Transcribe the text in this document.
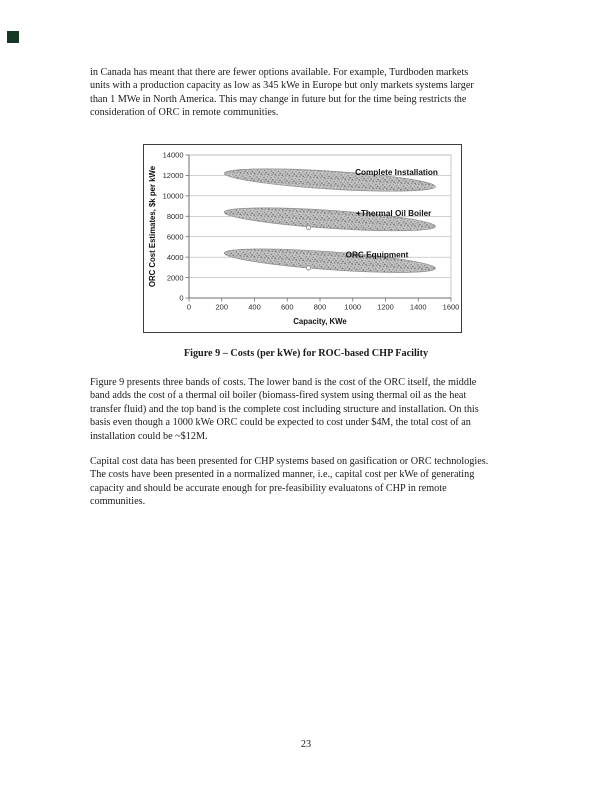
in Canada has meant that there are fewer options available. For example, Turdboden markets
units with a production capacity as low as 345 kWe in Europe but only markets systems larger
than 1 MWe in North America. This may change in future but for the time being restricts the
consideration of ORC in remote communities.
0
2000
4000
6000
8000
10000
12000
14000
0	200	400	600	800 1000 1200 1400 1600
Capacity, KWe
ORC Cost Estimates, $k per kWe	Complete Installation
+Thermal Oil Boiler
ORC Equipment
Figure 9 – Costs (per kWe) for ROC-based CHP Facility
Figure 9 presents three bands of costs. The lower band is the cost of the ORC itself, the middle
band adds the cost of a thermal oil boiler (biomass-fired system using thermal oil as the heat
transfer fluid) and the top band is the complete cost including structure and installation. On this
basis even though a 1000 kWe ORC could be expected to cost under $4M, the total cost of an
installation could be ~$12M.
Capital cost data has been presented for CHP systems based on gasification or ORC technologies.
The costs have been presented in a normalized manner, i.e., capital cost per kWe of generating
capacity and should be accurate enough for pre-feasibility evaluatons of CHP in remote
communities.
23
